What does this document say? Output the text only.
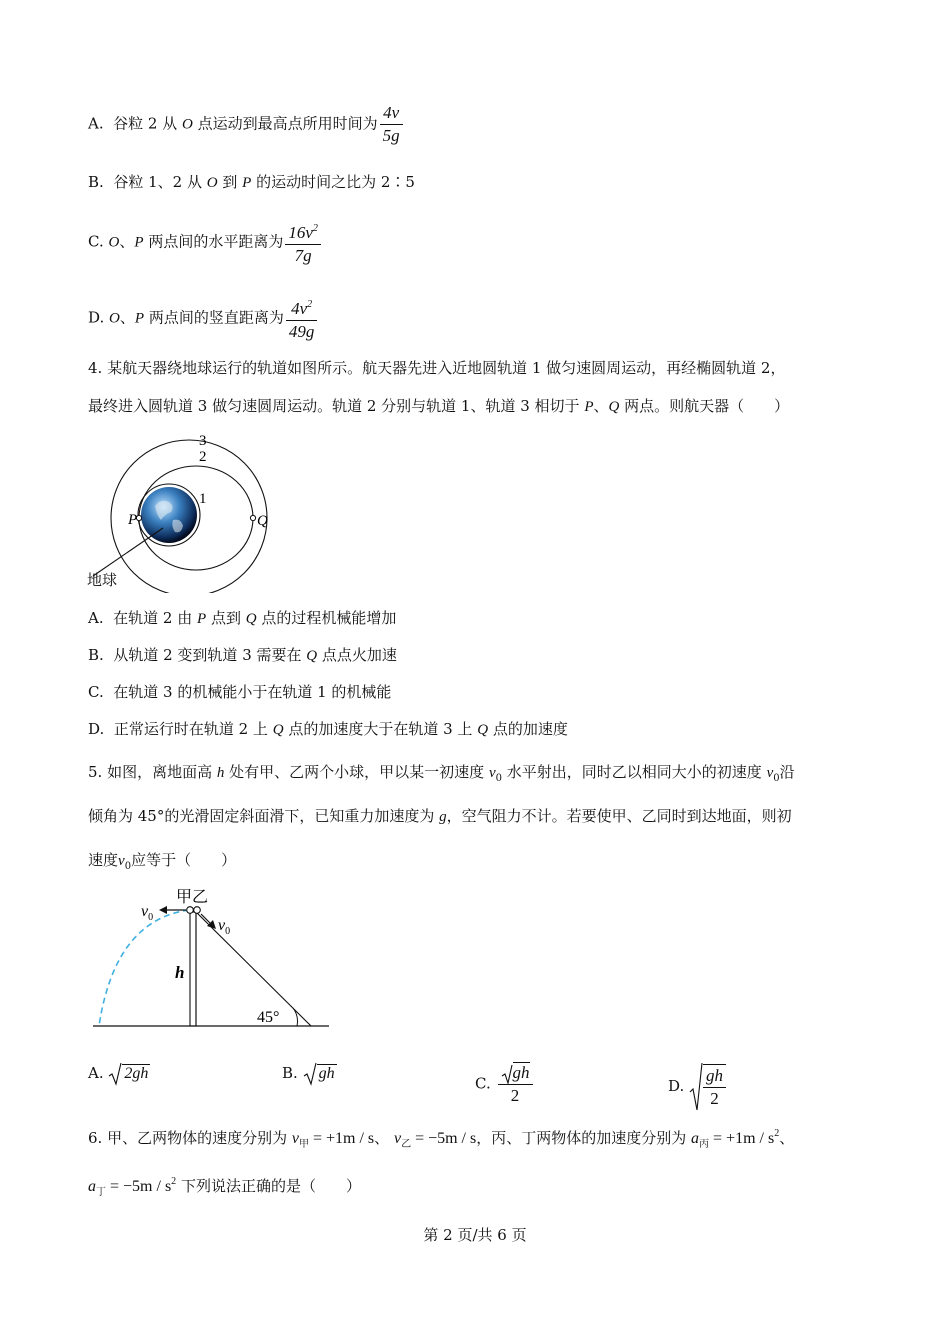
A. 谷粒 2 从 O 点运动到最高点所用时间为 $\frac{4v}{5g}$
B. 谷粒 1、2 从 O 到 P 的运动时间之比为 2∶5
C. O、P 两点间的水平距离为 $\frac{16v^2}{7g}$
D. O、P 两点间的竖直距离为 $\frac{4v^2}{49g}$
4. 某航天器绕地球运行的轨道如图所示。航天器先进入近地圆轨道 1 做匀速圆周运动，再经椭圆轨道 2，
最终进入圆轨道 3 做匀速圆周运动。轨道 2 分别与轨道 1、轨道 3 相切于 P、Q 两点。则航天器（　　）
3
2
1
P	Q
地球
A. 在轨道 2 由 P 点到 Q 点的过程机械能增加
B. 从轨道 2 变到轨道 3 需要在 Q 点点火加速
C. 在轨道 3 的机械能小于在轨道 1 的机械能
D. 正常运行时在轨道 2 上 Q 点的加速度大于在轨道 3 上 Q 点的加速度
5. 如图，离地面高 h 处有甲、乙两个小球，甲以某一初速度 $v_0$ 水平射出，同时乙以相同大小的初速度 $v_0$沿
倾角为 45°的光滑固定斜面滑下，已知重力加速度为 g，空气阻力不计。若要使甲、乙同时到达地面，则初
速度$v_0$应等于（　　）
甲乙
$v_0$	$v_0$
h
45°
A. 2gh	B. gh
C. $\frac{gh}{2}$	D. $\frac{gh}{2}$
6. 甲、乙两物体的速度分别为 $v_甲 = +1m / s$、 $v_乙 = -5m / s$，丙、丁两物体的加速度分别为 $a_丙 = +1m / s^2$、
$a_丁 = -5m / s^2$ 下列说法正确的是（　　）
第 2 页/共 6 页
